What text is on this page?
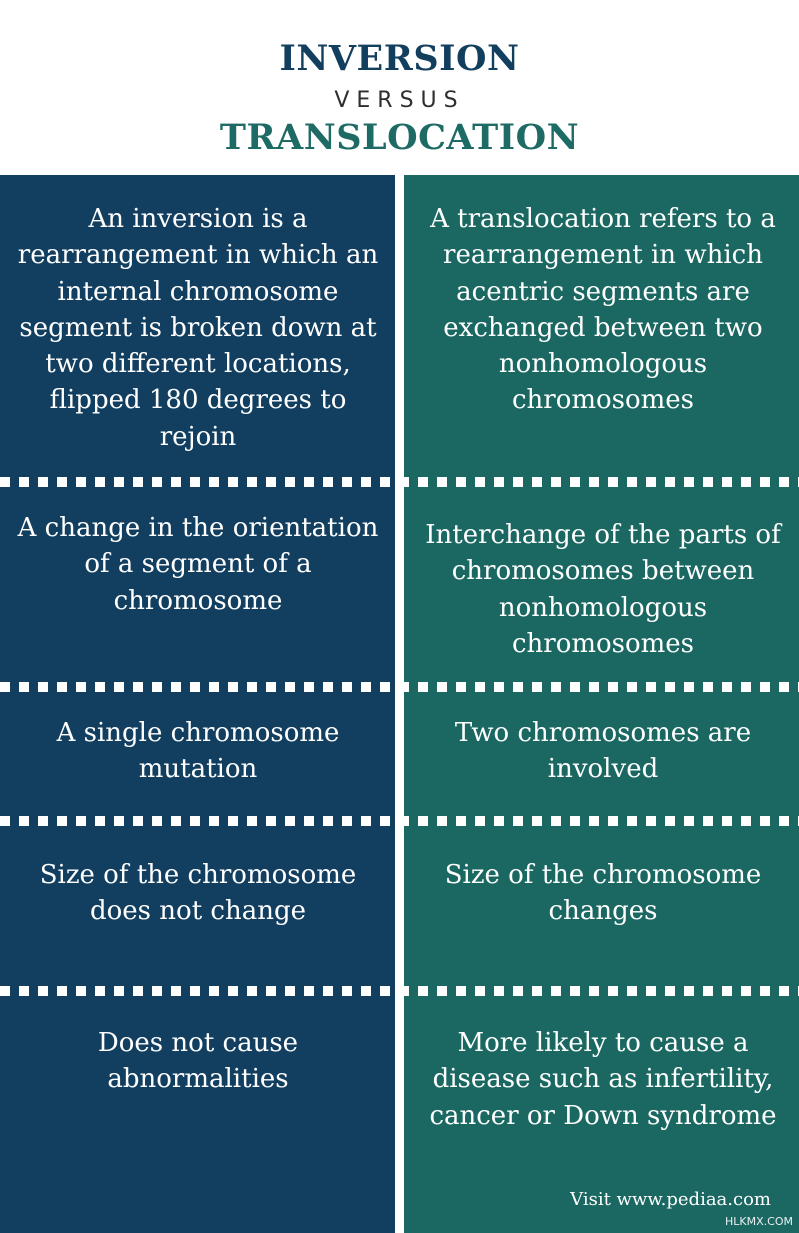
INVERSION
VERSUS
TRANSLOCATION
An inversion is a rearrangement in which an internal chromosome segment is broken down at two different locations, flipped 180 degrees to rejoin
A translocation refers to a rearrangement in which acentric segments are exchanged between two nonhomologous chromosomes
A change in the orientation of a segment of a chromosome
Interchange of the parts of chromosomes between nonhomologous chromosomes
A single chromosome mutation
Two chromosomes are involved
Size of the chromosome does not change
Size of the chromosome changes
Does not cause abnormalities
More likely to cause a disease such as infertility, cancer or Down syndrome
Visit www.pediaa.com
HLKMX.COM
